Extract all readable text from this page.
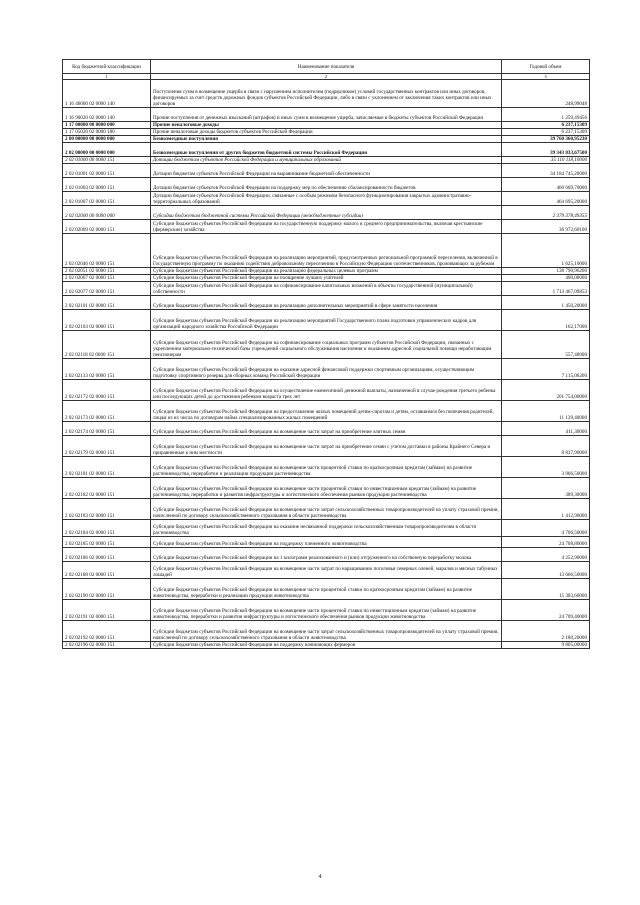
Код бюджетной классификации	Наименование показателя	Годовой объем
1	2	3
1 16 46000 02 0000 140	Поступления сумм в возмещение ущерба в связи с нарушением исполнителем (подрядчиком) условий государственных контрактов или иных договоров, финансируемых за счет средств дорожных фондов субъектов Российской Федерации, либо в связи с уклонением от заключения таких контрактов или иных договоров	248,99048
1 16 90020 02 0000 140	Прочие поступления от денежных взысканий (штрафов) и иных сумм в возмещение ущерба, зачисляемые в бюджеты субъектов Российской Федерации	1 259,49456
1 17 00000 00 0000 000	Прочие неналоговые доходы	6 237,15309
1 17 05020 02 0000 180	Прочие неналоговые доходы бюджетов субъектов Российской Федерации	6 237,15309
2 00 00000 00 0000 000	Безвозмездные поступления	39 760 360,95230
2 02 00000 00 0000 000	Безвозмездные поступления от других бюджетов бюджетной системы Российской Федерации	39 343 833,67500
2 02 01000 00 0000 151	Дотации бюджетам субъектов Российской Федерации и муниципальных образований	35 110 118,10000
2 02 01001 02 0000 151	Дотации бюджетам субъектов Российской Федерации на выравнивание бюджетной обеспеченности	34 184 745,20000
2 02 01003 02 0000 151	Дотации бюджетам субъектов Российской Федерации на поддержку мер по обеспечению сбалансированности бюджетов	460 669,70000
2 02 01007 02 0000 151	Дотации бюджетам субъектов Российской Федерации, связанные с особым режимом безопасного функционирования закрытых административно-территориальных образований	464 695,20000
2 02 02000 00 0000 000	Субсидии бюджетам бюджетной системы Российской Федерации (межбюджетные субсидии)	2 379 378,49355
2 02 02009 02 0000 151	Субсидии бюджетам субъектов Российской Федерации на государственную поддержку малого и среднего предпринимательства, включая крестьянские (фермерские) хозяйства	36 972,60100
2 02 02046 02 0000 151	Субсидии бюджетам субъектов Российской Федерации на реализацию мероприятий, предусмотренных региональной программой переселения, включенной в Государственную программу по оказанию содействия добровольному переселению в Российскую Федерацию соотечественников, проживающих за рубежом	1 625,10000
2 02 02051 02 0000 151	Субсидии бюджетам субъектов Российской Федерации на реализацию федеральных целевых программ	138 790,96200
2 02 02067 02 0000 151	Субсидии бюджетам субъектов Российской Федерации на поощрение лучших учителей	400,00000
2 02 02077 02 0000 151	Субсидии бюджетам субъектов Российской Федерации на софинансирование капитальных вложений в объекты государственной (муниципальной) собственности	1 713 467,09853
2 02 02101 02 0000 151	Субсидии бюджетам субъектов Российской Федерации на реализацию дополнительных мероприятий в сфере занятости населения	1 450,20000
2 02 02103 02 0000 151	Субсидии бюджетам субъектов Российской Федерации на реализацию мероприятий Государственного плана подготовки управленческих кадров для организаций народного хозяйства Российской Федерации	162,17000
2 02 02118 02 0000 151	Субсидии бюджетам субъектов Российской Федерации на софинансирование социальных программ субъектов Российской Федерации, связанных с укреплением материально-технической базы учреждений социального обслуживания населения и оказанием адресной социальной помощи неработающим пенсионерам	557,40000
2 02 02133 02 0000 151	Субсидии бюджетам субъектов Российской Федерации на оказание адресной финансовой поддержки спортивным организациям, осуществляющим подготовку спортивного резерва для сборных команд Российской Федерации	7 115,06200
2 02 02172 02 0000 151	Субсидии бюджетам субъектов Российской Федерации на осуществление ежемесячной денежной выплаты, назначенной в случае рождения третьего ребенка или последующих детей до достижения ребенком возраста трех лет	201 754,00000
2 02 02173 02 0000 151	Субсидии бюджетам субъектов Российской Федерации на предоставление жилых помещений детям-сиротам и детям, оставшимся без попечения родителей, лицам из их числа по договорам найма специализированных жилых помещений	11 139,40000
2 02 02174 02 0000 151	Субсидии бюджетам субъектов Российской Федерации на возмещение части затрат на приобретение элитных семян	411,30000
2 02 02179 02 0000 151	Субсидии бюджетам субъектов Российской Федерации на возмещение части затрат на приобретение семян с учетом доставки в районы Крайнего Севера и приравненные к ним местности	8 837,90000
2 02 02181 02 0000 151	Субсидии бюджетам субъектов Российской Федерации на возмещение части процентной ставки по краткосрочным кредитам (займам) на развитие растениеводства, переработки и реализации продукции растениеводства	3 966,50000
2 02 02182 02 0000 151	Субсидии бюджетам субъектов Российской Федерации на возмещение части процентной ставки по инвестиционным кредитам (займам) на развитие растениеводства, переработки и развития инфраструктуры и логистического обеспечения рынков продукции растениеводства	389,30000
2 02 02183 02 0000 151	Субсидии бюджетам субъектов Российской Федерации на возмещение части затрат сельскохозяйственных товаропроизводителей на уплату страховой премии, начисленной по договору сельскохозяйственного страхования в области растениеводства	1 412,90000
2 02 02184 02 0000 151	Субсидии бюджетам субъектов Российской Федерации на оказание несвязанной поддержки сельскохозяйственным товаропроизводителям в области растениеводства	4 706,50000
2 02 02185 02 0000 151	Субсидии бюджетам субъектов Российской Федерации на поддержку племенного животноводства	24 708,80000
2 02 02186 02 0000 151	Субсидии бюджетам субъектов Российской Федерации на 1 килограмм реализованного и (или) отгруженного на собственную переработку молока	4 252,90000
2 02 02188 02 0000 151	Субсидии бюджетам субъектов Российской Федерации на возмещение части затрат по наращиванию поголовья северных оленей, маралов и мясных табунных лошадей	13 666,50000
2 02 02190 02 0000 151	Субсидии бюджетам субъектов Российской Федерации на возмещение части процентной ставки по краткосрочным кредитам (займам) на развитие животноводства, переработки и реализации продукции животноводства	15 383,60000
2 02 02191 02 0000 151	Субсидии бюджетам субъектов Российской Федерации на возмещение части процентной ставки по инвестиционным кредитам (займам) на развитие животноводства, переработки и развития инфраструктуры и логистического обеспечения рынков продукции животноводства	24 709,40000
2 02 02192 02 0000 151	Субсидии бюджетам субъектов Российской Федерации на возмещение части затрат сельскохозяйственных товаропроизводителей на уплату страховой премии, начисленной по договору сельскохозяйственного страхования в области животноводства	2 180,20000
2 02 02196 02 0000 151	Субсидии бюджетам субъектов Российской Федерации на поддержку начинающих фермеров	9 805,00000
4
